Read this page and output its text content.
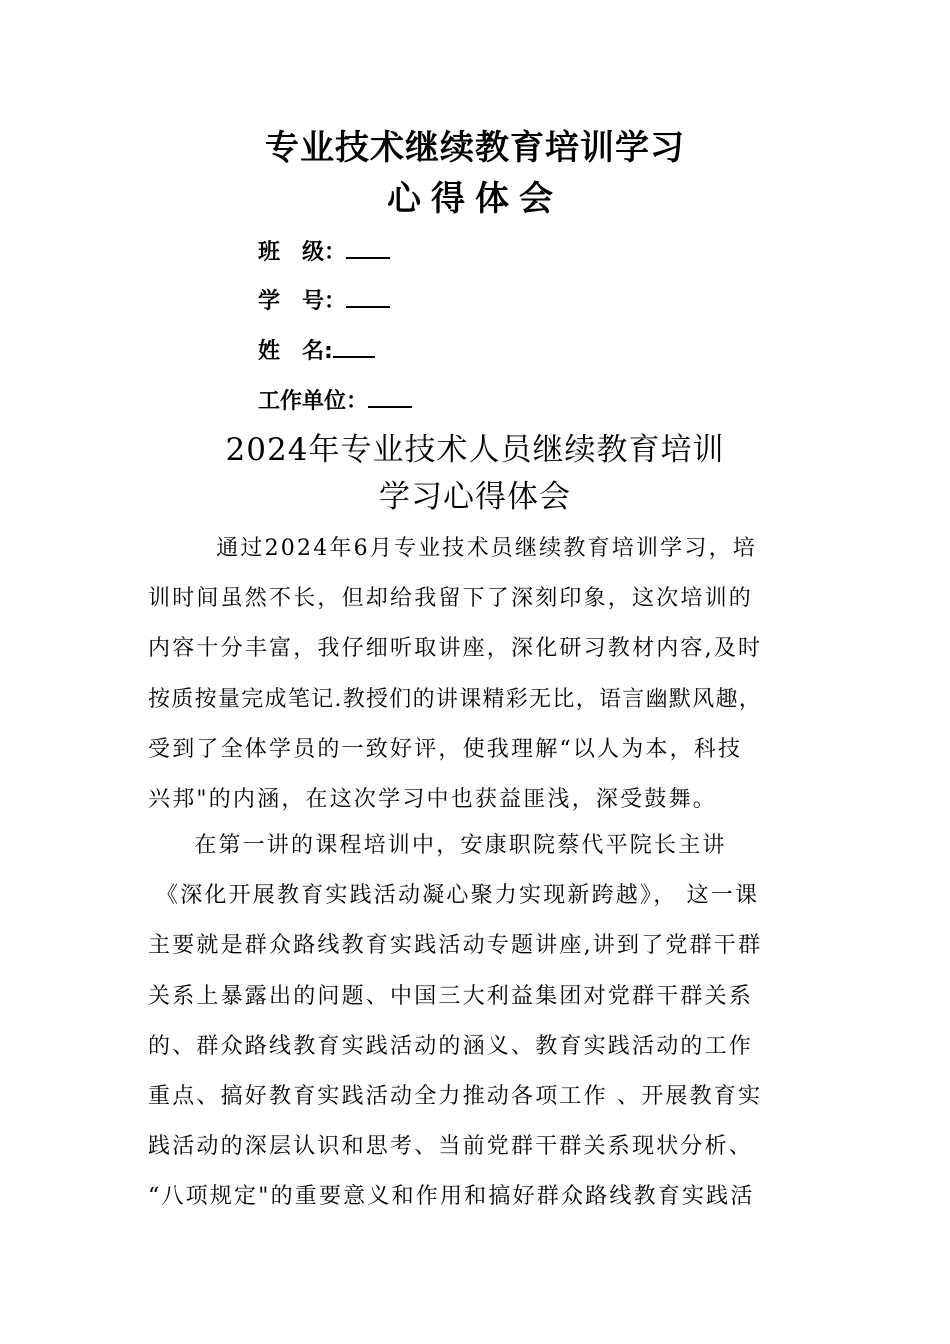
专业技术继续教育培训学习
心得体会
班　级：
学　号：
姓　名:
工作单位：
2024年专业技术人员继续教育培训
学习心得体会
　通过2024年6月专业技术员继续教育培训学习，培
训时间虽然不长，但却给我留下了深刻印象，这次培训的
内容十分丰富，我仔细听取讲座，深化研习教材内容,及时
按质按量完成笔记.教授们的讲课精彩无比，语言幽默风趣，
受到了全体学员的一致好评，使我理解“以人为本，科技
兴邦"的内涵，在这次学习中也获益匪浅，深受鼓舞。
　在第一讲的课程培训中，安康职院蔡代平院长主讲
《深化开展教育实践活动凝心聚力实现新跨越》， 这一课
主要就是群众路线教育实践活动专题讲座,讲到了党群干群
关系上暴露出的问题、中国三大利益集团对党群干群关系
的、群众路线教育实践活动的涵义、教育实践活动的工作
重点、搞好教育实践活动全力推动各项工作 、开展教育实
践活动的深层认识和思考、当前党群干群关系现状分析、
“八项规定"的重要意义和作用和搞好群众路线教育实践活
